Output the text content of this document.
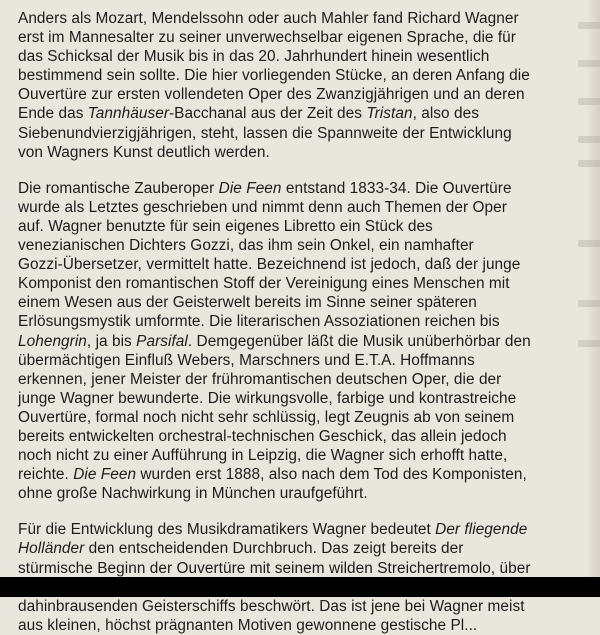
Anders als Mozart, Mendelssohn oder auch Mahler fand Richard Wagner
erst im Mannesalter zu seiner unverwechselbar eigenen Sprache, die für
das Schicksal der Musik bis in das 20. Jahrhundert hinein wesentlich
bestimmend sein sollte. Die hier vorliegenden Stücke, an deren Anfang die
Ouvertüre zur ersten vollendeten Oper des Zwanzigjährigen und an deren
Ende das Tannhäuser-Bacchanal aus der Zeit des Tristan, also des
Siebenundvierzigjährigen, steht, lassen die Spannweite der Entwicklung
von Wagners Kunst deutlich werden.
Die romantische Zauberoper Die Feen entstand 1833-34. Die Ouvertüre
wurde als Letztes geschrieben und nimmt denn auch Themen der Oper
auf. Wagner benutzte für sein eigenes Libretto ein Stück des
venezianischen Dichters Gozzi, das ihm sein Onkel, ein namhafter
Gozzi-Übersetzer, vermittelt hatte. Bezeichnend ist jedoch, daß der junge
Komponist den romantischen Stoff der Vereinigung eines Menschen mit
einem Wesen aus der Geisterwelt bereits im Sinne seiner späteren
Erlösungsmystik umformte. Die literarischen Assoziationen reichen bis
Lohengrin, ja bis Parsifal. Demgegenüber läßt die Musik unüberhörbar den
übermächtigen Einfluß Webers, Marschners und E.T.A. Hoffmanns
erkennen, jener Meister der frühromantischen deutschen Oper, die der
junge Wagner bewunderte. Die wirkungsvolle, farbige und kontrastreiche
Ouvertüre, formal noch nicht sehr schlüssig, legt Zeugnis ab von seinem
bereits entwickelten orchestral-technischen Geschick, das allein jedoch
noch nicht zu einer Aufführung in Leipzig, die Wagner sich erhofft hatte,
reichte. Die Feen wurden erst 1888, also nach dem Tod des Komponisten,
ohne große Nachwirkung in München uraufgeführt.
Für die Entwicklung des Musikdramatikers Wagner bedeutet Der fliegende
Holländer den entscheidenden Durchbruch. Das zeigt bereits der
stürmische Beginn der Ouvertüre mit seinem wilden Streichertremolo, über
dahinbrausenden Geisterschiffs beschwört. Das ist jene bei Wagner meist
aus kleinen, höchst prägnanten Motiven gewonnene gestische Pl...
